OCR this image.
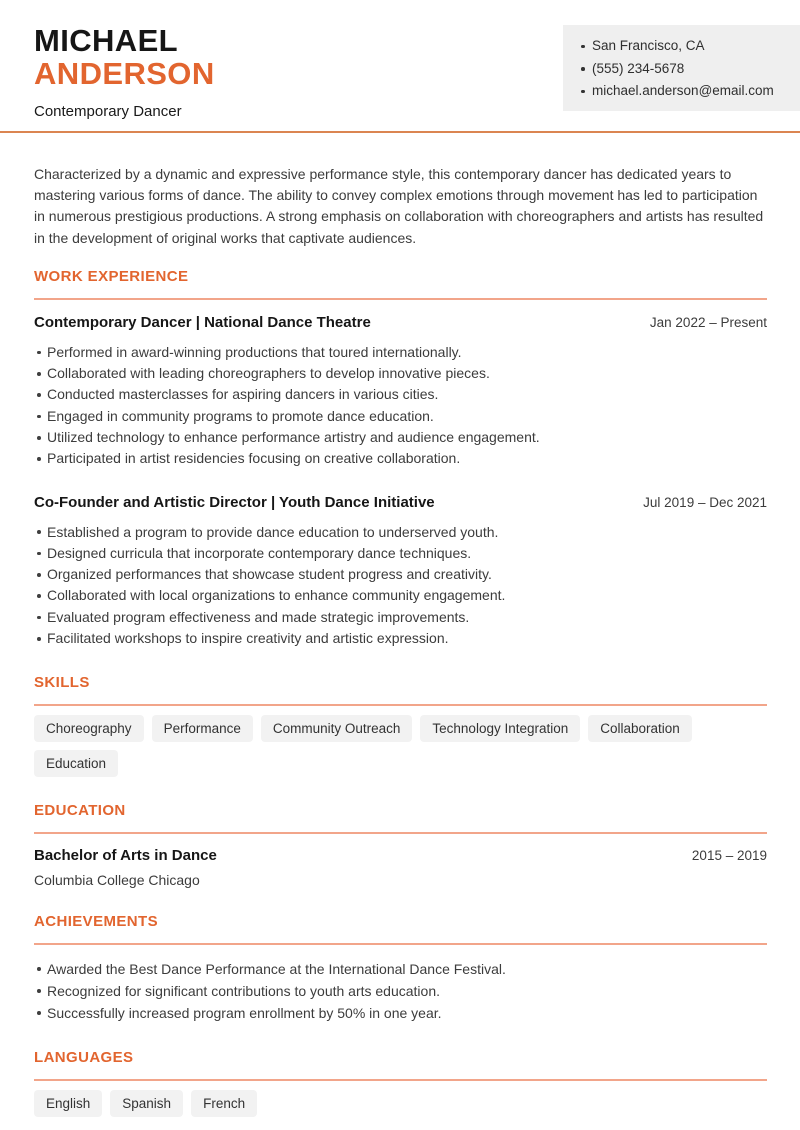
MICHAEL
ANDERSON
Contemporary Dancer
San Francisco, CA
(555) 234-5678
michael.anderson@email.com

Characterized by a dynamic and expressive performance style, this contemporary dancer has dedicated years to mastering various forms of dance. The ability to convey complex emotions through movement has led to participation in numerous prestigious productions. A strong emphasis on collaboration with choreographers and artists has resulted in the development of original works that captivate audiences.

WORK EXPERIENCE
Contemporary Dancer | National Dance Theatre	Jan 2022 – Present
Performed in award-winning productions that toured internationally.
Collaborated with leading choreographers to develop innovative pieces.
Conducted masterclasses for aspiring dancers in various cities.
Engaged in community programs to promote dance education.
Utilized technology to enhance performance artistry and audience engagement.
Participated in artist residencies focusing on creative collaboration.
Co-Founder and Artistic Director | Youth Dance Initiative	Jul 2019 – Dec 2021
Established a program to provide dance education to underserved youth.
Designed curricula that incorporate contemporary dance techniques.
Organized performances that showcase student progress and creativity.
Collaborated with local organizations to enhance community engagement.
Evaluated program effectiveness and made strategic improvements.
Facilitated workshops to inspire creativity and artistic expression.
SKILLS
Choreography	Performance	Community Outreach	Technology Integration	Collaboration
Education
EDUCATION
Bachelor of Arts in Dance	2015 – 2019
Columbia College Chicago
ACHIEVEMENTS
Awarded the Best Dance Performance at the International Dance Festival.
Recognized for significant contributions to youth arts education.
Successfully increased program enrollment by 50% in one year.
LANGUAGES
English	Spanish	French
